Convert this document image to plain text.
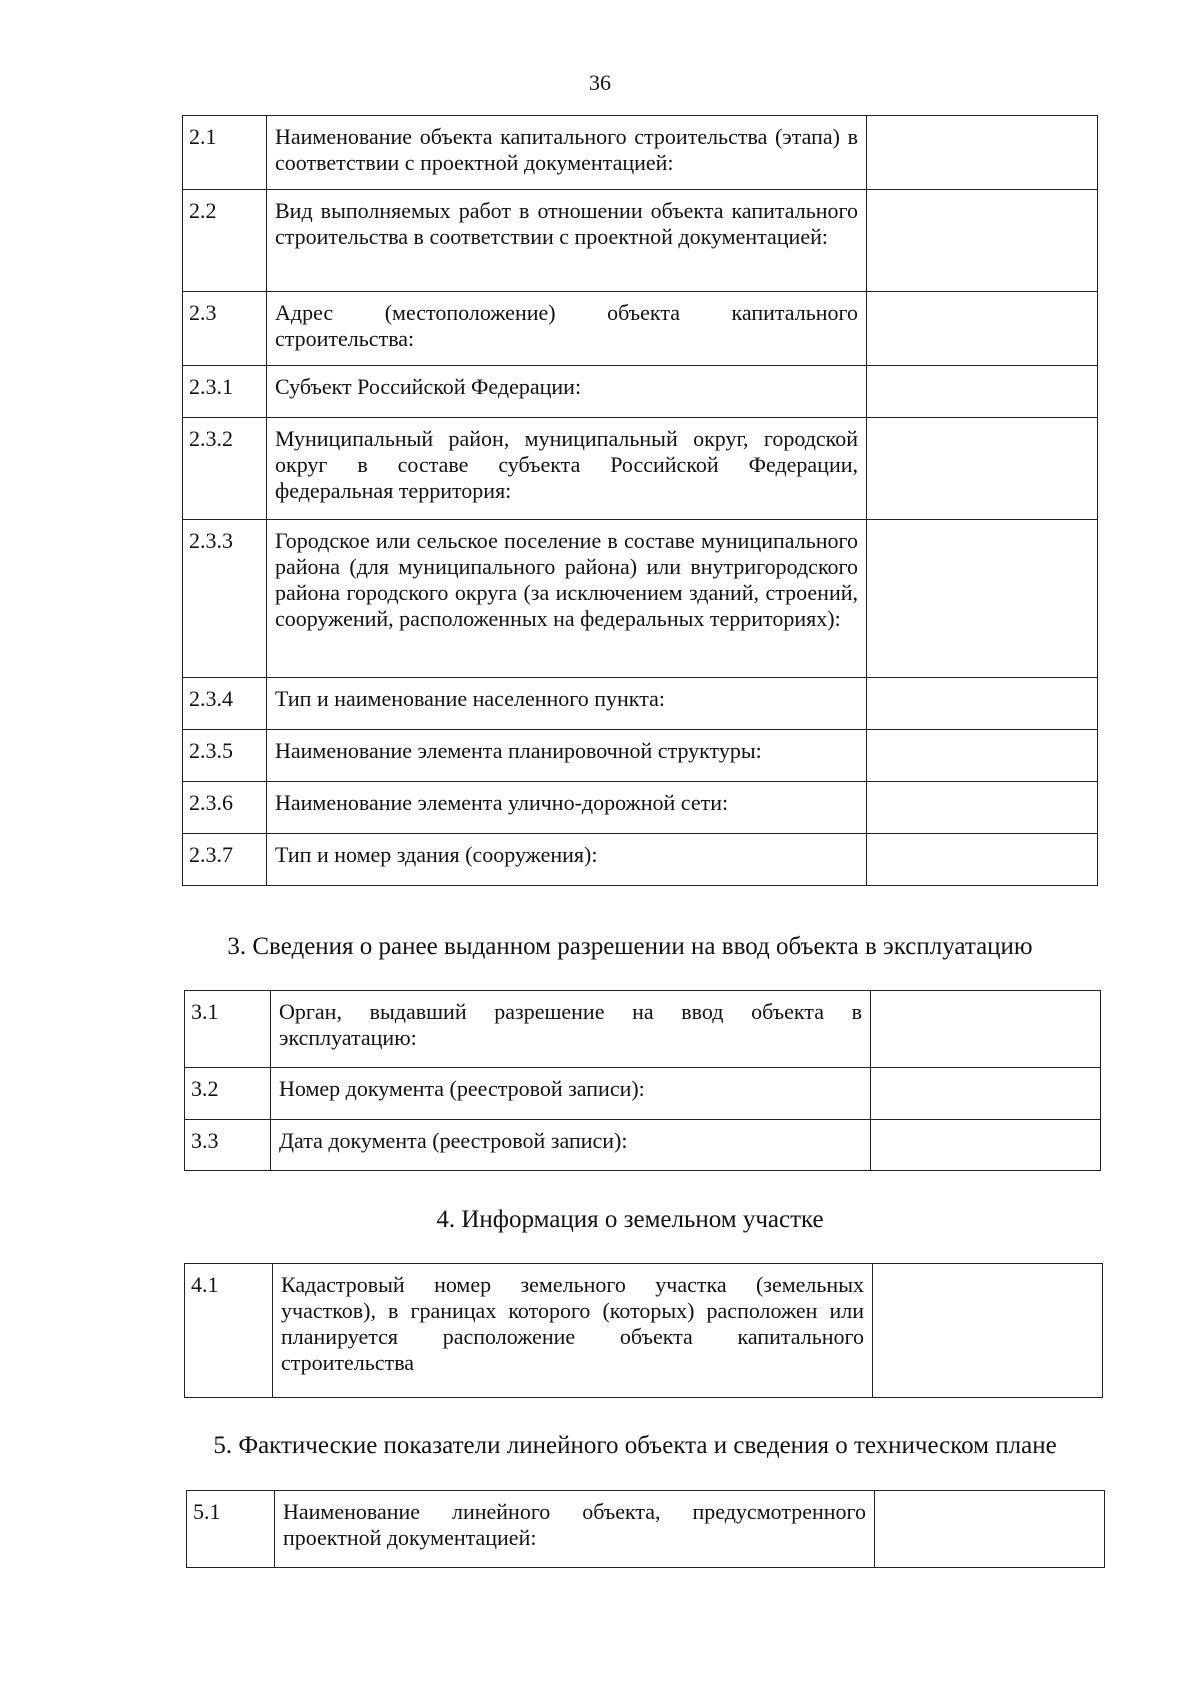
36
2.1	Наименование объекта капитального строительства (этапа) в соответствии с проектной документацией:	
2.2	Вид выполняемых работ в отношении объекта капитального строительства в соответствии с проектной документацией:	
2.3	Адрес (местоположение) объекта капитального строительства:	
2.3.1	Субъект Российской Федерации:	
2.3.2	Муниципальный район, муниципальный округ, городской округ в составе субъекта Российской Федерации, федеральная территория:	
2.3.3	Городское или сельское поселение в составе муниципального района (для муниципального района) или внутригородского района городского округа (за исключением зданий, строений, сооружений, расположенных на федеральных территориях):	
2.3.4	Тип и наименование населенного пункта:	
2.3.5	Наименование элемента планировочной структуры:	
2.3.6	Наименование элемента улично-дорожной сети:	
2.3.7	Тип и номер здания (сооружения):	
3. Сведения о ранее выданном разрешении на ввод объекта в эксплуатацию
3.1	Орган, выдавший разрешение на ввод объекта в эксплуатацию:	
3.2	Номер документа (реестровой записи):	
3.3	Дата документа (реестровой записи):	
4. Информация о земельном участке
4.1	Кадастровый номер земельного участка (земельных участков), в границах которого (которых) расположен или планируется расположение объекта капитального строительства	
5. Фактические показатели линейного объекта и сведения о техническом плане
5.1	Наименование линейного объекта, предусмотренного проектной документацией:	
